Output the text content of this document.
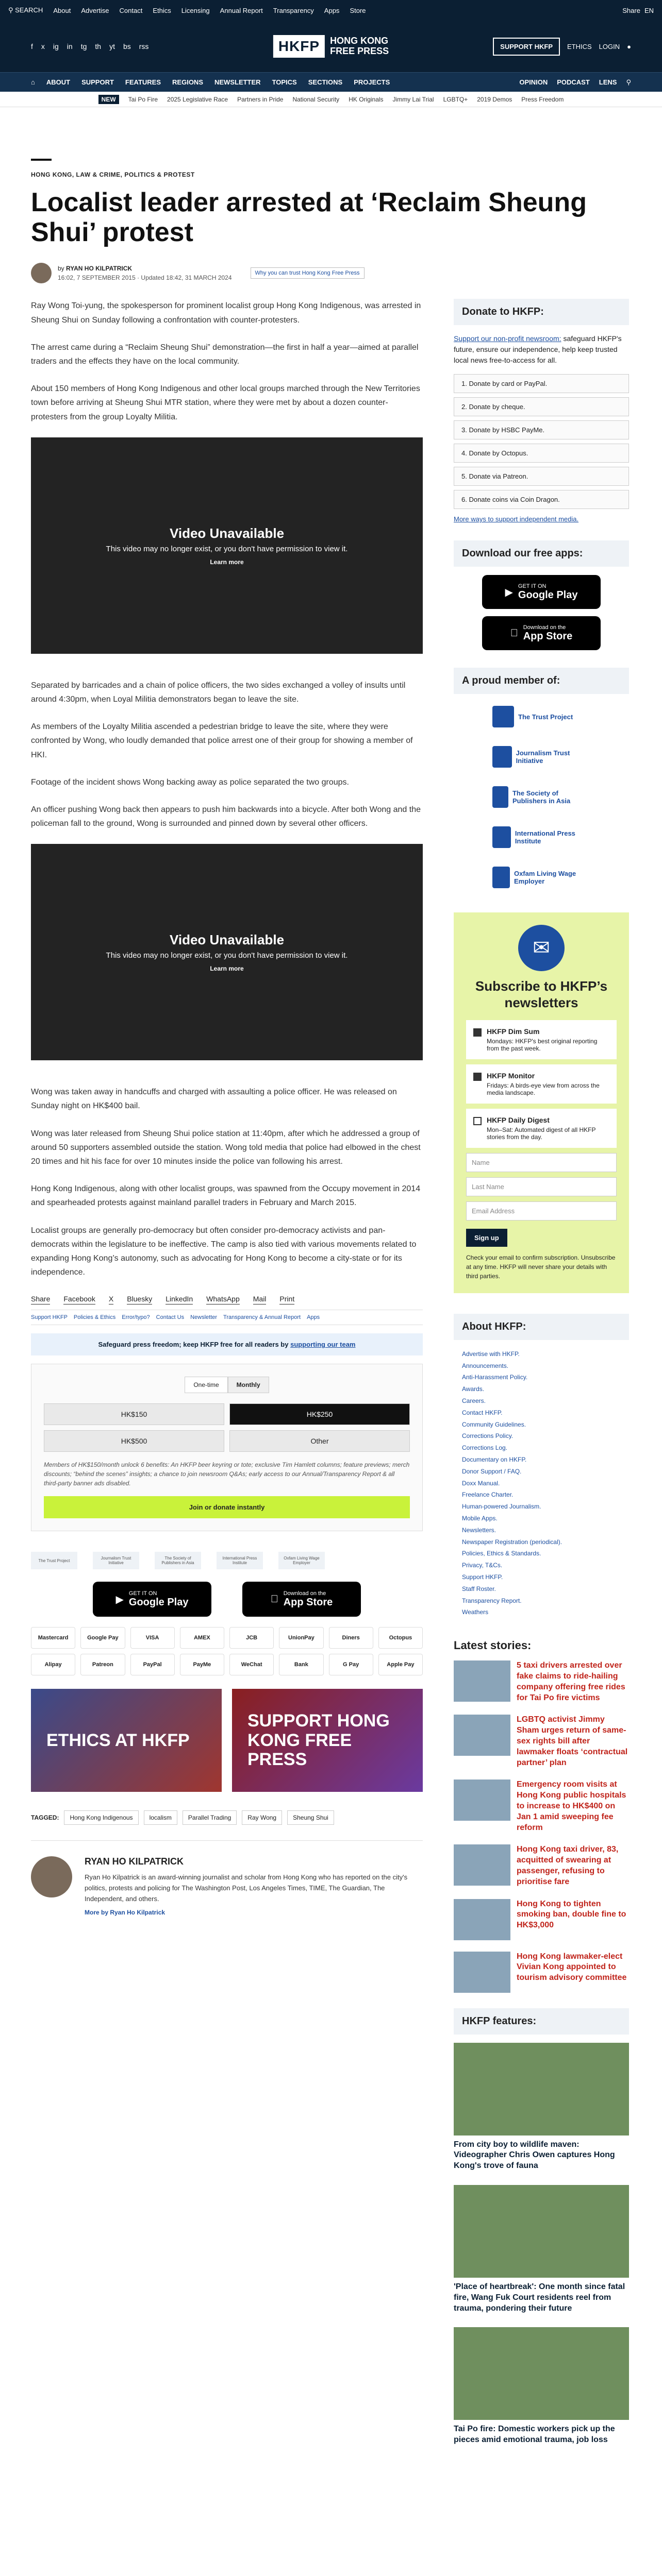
⚲ SEARCH About Advertise Contact Ethics Licensing Annual Report Transparency Apps Store	Share EN
f x ig in tg th yt bs rss	HKFP	HONG KONG
FREE PRESS	SUPPORT HKFP	ETHICS LOGIN ●
⌂ ABOUT SUPPORT FEATURES REGIONS NEWSLETTER TOPICS SECTIONS PROJECTS	OPINION PODCAST LENS ⚲
NEW	Tai Po Fire 2025 Legislative Race Partners in Pride National Security HK Originals Jimmy Lai Trial LGBTQ+ 2019 Demos Press Freedom
HONG KONG, LAW & CRIME, POLITICS & PROTEST
Localist leader arrested at ‘Reclaim Sheung Shui’ protest
by RYAN HO KILPATRICK
16:02, 7 SEPTEMBER 2015 · Updated 18:42, 31 MARCH 2024
Why you can trust Hong Kong Free Press

Ray Wong Toi-yung, the spokesperson for prominent localist group Hong Kong Indigenous, was arrested in Sheung Shui on Sunday following a confrontation with counter-protesters.

The arrest came during a “Reclaim Sheung Shui” demonstration—the first in half a year—aimed at parallel traders and the effects they have on the local community.

About 150 members of Hong Kong Indigenous and other local groups marched through the New Territories town before arriving at Sheung Shui MTR station, where they were met by about a dozen counter-protesters from the group Loyalty Militia.

Video Unavailable
This video may no longer exist, or you don't have permission to view it.
Learn more

Separated by barricades and a chain of police officers, the two sides exchanged a volley of insults until around 4:30pm, when Loyal Militia demonstrators began to leave the site.

As members of the Loyalty Militia ascended a pedestrian bridge to leave the site, where they were confronted by Wong, who loudly demanded that police arrest one of their group for showing a member of HKI.

Footage of the incident shows Wong backing away as police separated the two groups.

An officer pushing Wong back then appears to push him backwards into a bicycle. After both Wong and the policeman fall to the ground, Wong is surrounded and pinned down by several other officers.

Video Unavailable
This video may no longer exist, or you don't have permission to view it.
Learn more

Wong was taken away in handcuffs and charged with assaulting a police officer. He was released on Sunday night on HK$400 bail.

Wong was later released from Sheung Shui police station at 11:40pm, after which he addressed a group of around 50 supporters assembled outside the station. Wong told media that police had elbowed in the chest 20 times and hit his face for over 10 minutes inside the police van following his arrest.

Hong Kong Indigenous, along with other localist groups, was spawned from the Occupy movement in 2014 and spearheaded protests against mainland parallel traders in February and March 2015.

Localist groups are generally pro-democracy but often consider pro-democracy activists and pan-democrats within the legislature to be ineffective. The camp is also tied with various movements related to expanding Hong Kong’s autonomy, such as advocating for Hong Kong to become a city-state or for its independence.

Share Facebook X Bluesky LinkedIn WhatsApp Mail Print
Support HKFP Policies & Ethics Error/typo? Contact Us Newsletter Transparency & Annual Report Apps
Safeguard press freedom; keep HKFP free for all readers by supporting our team
One-time	Monthly
HK$150	HK$250
HK$500	Other
Members of HK$150/month unlock 6 benefits: An HKFP beer keyring or tote; exclusive Tim Hamlett columns; feature previews; merch discounts; “behind the scenes” insights; a chance to join newsroom Q&As; early access to our Annual/Transparency Report & all third-party banner ads disabled.
Join or donate instantly
The Trust Project	Journalism Trust Initiative
The Society of Publishers in Asia
International Press Institute
Oxfam Living Wage Employer
▶
GET IT ON
Google Play
Download on the
App Store
Mastercard	Google Pay	VISA	AMEX	JCB	UnionPay	Diners	Octopus
Alipay	Patreon	PayPal	PayMe	WeChat	Bank	G Pay	Apple Pay
ETHICS AT HKFP
SUPPORT HONG KONG FREE PRESS
TAGGED:	Hong Kong Indigenous	localism	Parallel Trading	Ray Wong	Sheung Shui
RYAN HO KILPATRICK

Ryan Ho Kilpatrick is an award-winning journalist and scholar from Hong Kong who has reported on the city's politics, protests and policing for The Washington Post, Los Angeles Times, TIME, The Guardian, The Independent, and others.

More by Ryan Ho Kilpatrick
Donate to HKFP:
Support our non-profit newsroom: safeguard HKFP's future, ensure our independence, help keep trusted local news free-to-access for all.
1. Donate by card or PayPal.
2. Donate by cheque.
3. Donate by HSBC PayMe.
4. Donate by Octopus.
5. Donate via Patreon.
6. Donate coins via Coin Dragon.
More ways to support independent media.
Download our free apps:
▶
GET IT ON
Google Play
Download on the
App Store
A proud member of:
The Trust Project
Journalism Trust Initiative
The Society of Publishers in Asia
International Press Institute
Oxfam Living Wage Employer
✉
Subscribe to HKFP’s newsletters
HKFP Dim Sum
Mondays: HKFP's best original reporting from the past week.
HKFP Monitor
Fridays: A birds-eye view from across the media landscape.
HKFP Daily Digest
Mon–Sat: Automated digest of all HKFP stories from the day.
Name
Last Name
Email Address
Sign up
Check your email to confirm subscription. Unsubscribe at any time. HKFP will never share your details with third parties.
About HKFP:
Advertise with HKFP.
Announcements.
Anti-Harassment Policy.
Awards.
Careers.
Contact HKFP.
Community Guidelines.
Corrections Policy.
Corrections Log.
Documentary on HKFP.
Donor Support / FAQ.
Doxx Manual.
Freelance Charter.
Human-powered Journalism.
Mobile Apps.
Newsletters.
Newspaper Registration (periodical).
Policies, Ethics & Standards.
Privacy, T&Cs.
Support HKFP.
Staff Roster.
Transparency Report.
Weathers
Latest stories:
5 taxi drivers arrested over fake claims to ride-hailing company offering free rides for Tai Po fire victims
LGBTQ activist Jimmy Sham urges return of same-sex rights bill after lawmaker floats ‘contractual partner’ plan
Emergency room visits at Hong Kong public hospitals to increase to HK$400 on Jan 1 amid sweeping fee reform
Hong Kong taxi driver, 83, acquitted of swearing at passenger, refusing to prioritise fare
Hong Kong to tighten smoking ban, double fine to HK$3,000
Hong Kong lawmaker-elect Vivian Kong appointed to tourism advisory committee
HKFP features:
From city boy to wildlife maven: Videographer Chris Owen captures Hong Kong's trove of fauna
'Place of heartbreak': One month since fatal fire, Wang Fuk Court residents reel from trauma, pondering their future
Tai Po fire: Domestic workers pick up the pieces amid emotional trauma, job loss
